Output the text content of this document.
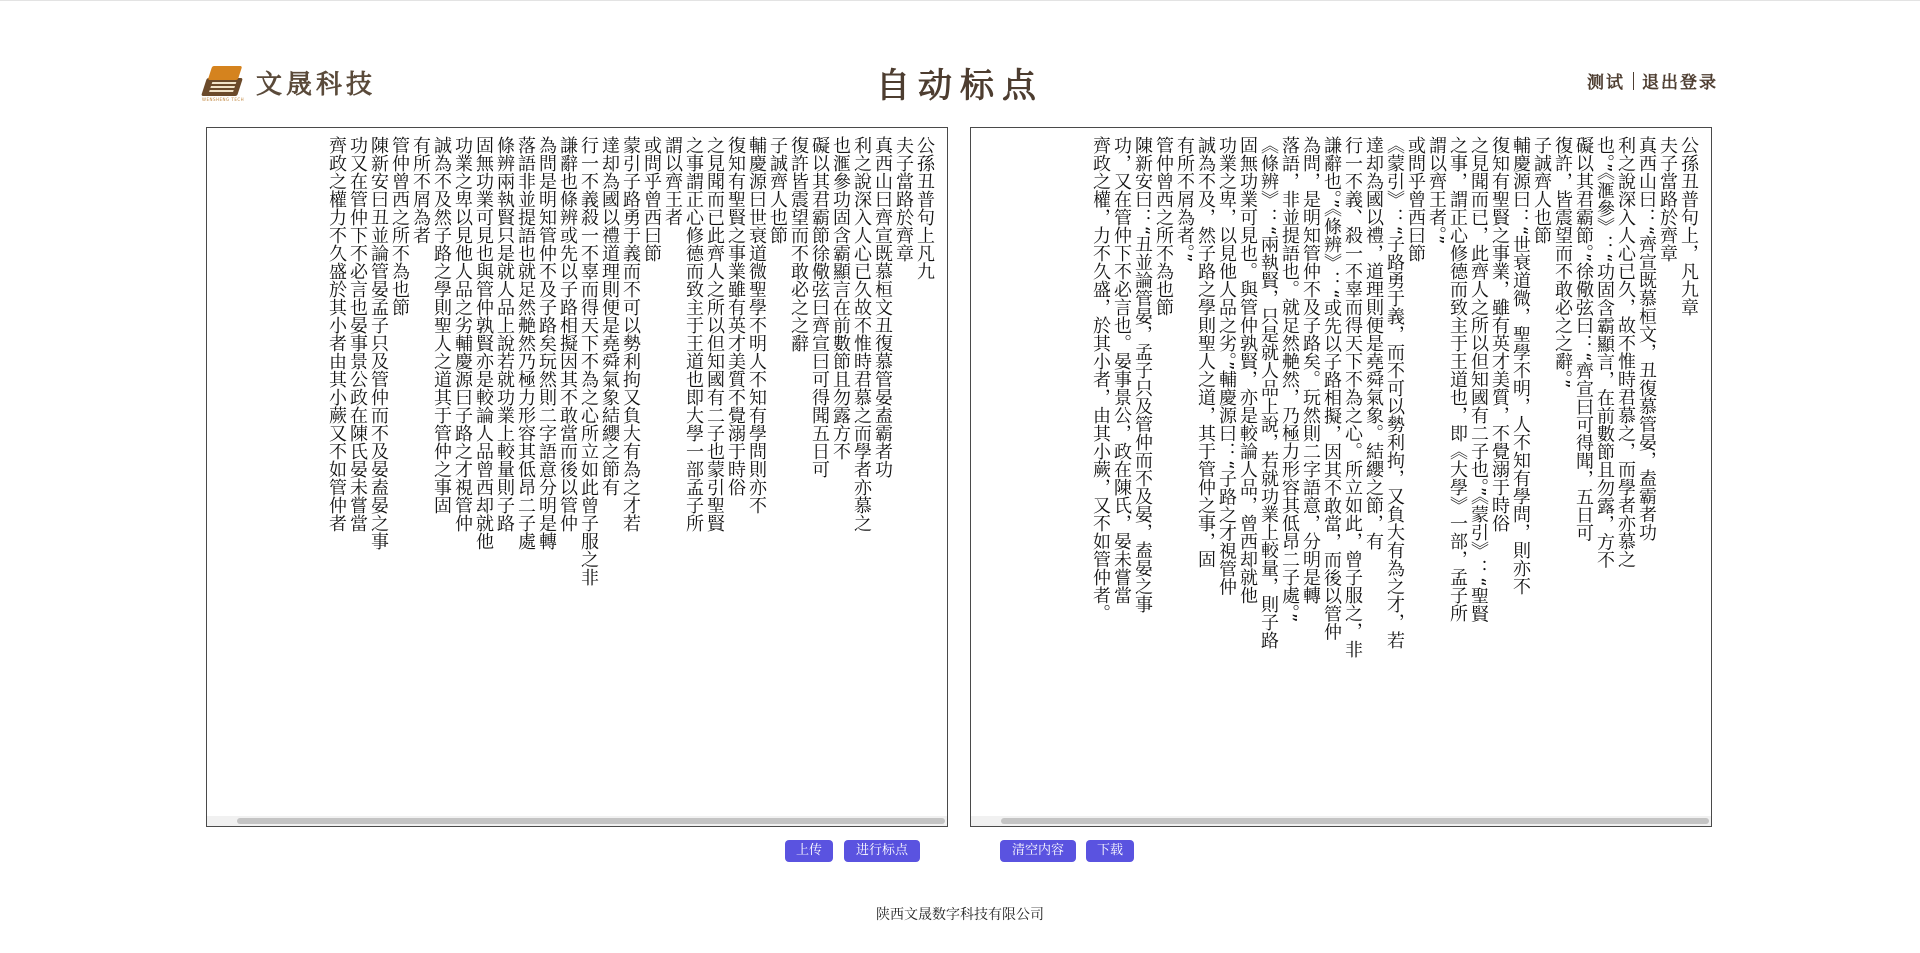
WENSHENG TECH 文晟科技	自动标点	测试 退出登录
公孫丑普句上凡九
夫子當路於齊章
真西山曰齊宣既慕桓文丑復慕管晏盍霸者功
利之說深入人心已久故不惟時君慕之而學者亦慕之
也滙參功固含霸顯言在前數節且勿露方不
礙以其君霸節徐儆弦曰齊宣曰可得聞五日可
復許皆震望而不敢必之之辭
子誠齊人也節
輔慶源曰世衰道微聖學不明人不知有學問則亦不
復知有聖賢之事業雖有英才美質不覺溺于時俗
之見聞而已此齊人之所以但知國有二子也蒙引聖賢
之事謂正心修德而致主于王道也即大學一部孟子所
謂以齊王者
或問乎曾西曰節
蒙引子路勇于義而不可以勢利拘又負大有為之才若
達却為國以禮道理則便是堯舜氣象結纓之節有
行一不義殺一不辜而得天下不為之心所立如此曾子服之非
謙辭也條辨或先以子路相擬因其不敢當而後以管仲
為問是明知管仲不及子路矣玩然則二字語意分明是轉
落語非並提語也就足然艴然乃極力形容其低昂二子處
條辨兩執賢只是就人品上說若就功業上較量則子路
固無功業可見也與管仲孰賢亦是較論人品曾西却就他
功業之卑以見他人品之劣輔慶源曰子路之才視管仲
誠為不及然子路之學則聖人之道其于管仲之事固
有所不屑為者
管仲曾西之所不為也節
陳新安曰丑並論管晏孟子只及管仲而不及晏盍晏之事
功又在管仲下不必言也晏事景公政在陳氏晏未嘗當
齊政之權力不久盛於其小者由其小蕨又不如管仲者	公孫丑普句上，凡九章
夫子當路於齊章
真西山曰：“齊宣既慕桓文，丑復慕管晏，盍霸者功
利之說深入人心已久，故不惟時君慕之，而學者亦慕之
也。”《滙參》：“功固含霸顯言，在前數節且勿露，方不
礙以其君霸節。”徐儆弦曰：“齊宣曰可得聞，五日可
復許，皆震望而不敢必之之辭。”
子誠齊人也節
輔慶源曰：“世衰道微，聖學不明，人不知有學問，則亦不
復知有聖賢之事業，雖有英才美質，不覺溺于時俗
之見聞而已，此齊人之所以但知國有二子也。”《蒙引》：“聖賢
之事，謂正心修德而致主于王道也，即《大學》一部，孟子所
謂以齊王者。”
或問乎曾西曰節
《蒙引》：“子路勇于義，而不可以勢利拘，又負大有為之才，若
達却為國以禮，道理則便是堯舜氣象。結纓之節，有
行一不義、殺一不辜而得天下不為之心。所立如此，曾子服之，非
謙辭也。”《條辨》：“或先以子路相擬，因其不敢當，而後以管仲
為問，是明知管仲不及子路矣。玩然則二字語意，分明是轉
落語，非並提語也。就足然艴然，乃極力形容其低昂二子處。”
《條辨》：“兩執賢，只是就人品上說，若就功業上較量，則子路
固無功業可見也。與管仲孰賢，亦是較論人品，曾西却就他
功業之卑，以見他人品之劣。”輔慶源曰：“子路之才視管仲
誠為不及，然子路之學則聖人之道，其于管仲之事，固
有所不屑為者。”
管仲曾西之所不為也節
陳新安曰：“丑並論管晏，孟子只及管仲而不及晏，盍晏之事
功，又在管仲下不必言也。晏事景公，政在陳氏，晏未嘗當
齊政之權，力不久盛，於其小者，由其小蕨，又不如管仲者。
上传	进行标点	清空内容	下载
陕西文晟数字科技有限公司
